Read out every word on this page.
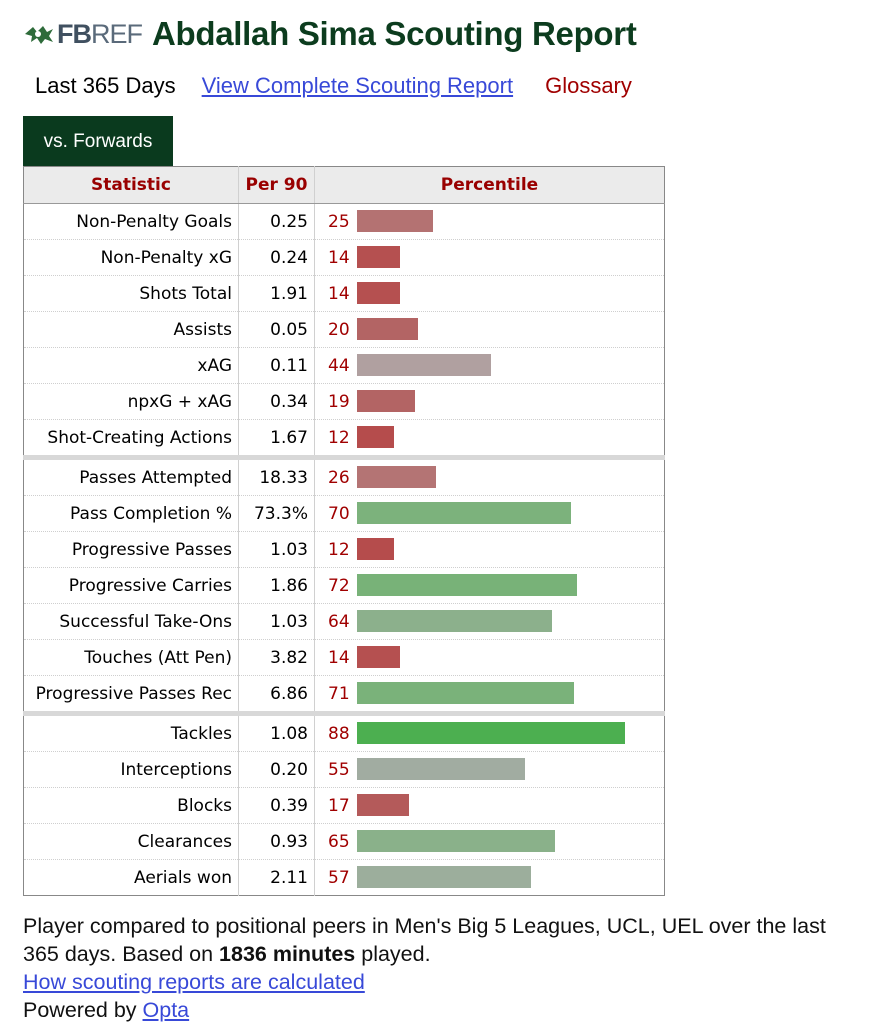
FB REF Abdallah Sima Scouting Report
Last 365 Days View Complete Scouting Report Glossary
vs. Forwards
Statistic	Per 90	Percentile
Non-Penalty Goals	0.25	25

Non-Penalty xG	0.24	14

Shots Total	1.91	14

Assists	0.05	20

xAG	0.11	44

npxG + xAG	0.34	19

Shot-Creating Actions	1.67	12

Passes Attempted	18.33	26

Pass Completion %	73.3%	70

Progressive Passes	1.03	12

Progressive Carries	1.86	72

Successful Take-Ons	1.03	64

Touches (Att Pen)	3.82	14

Progressive Passes Rec	6.86	71

Tackles	1.08	88

Interceptions	0.20	55

Blocks	0.39	17

Clearances	0.93	65

Aerials won	2.11	57
Player compared to positional peers in Men's Big 5 Leagues, UCL, UEL over the last 365 days. Based on 1836 minutes played.
How scouting reports are calculated
Powered by Opta
